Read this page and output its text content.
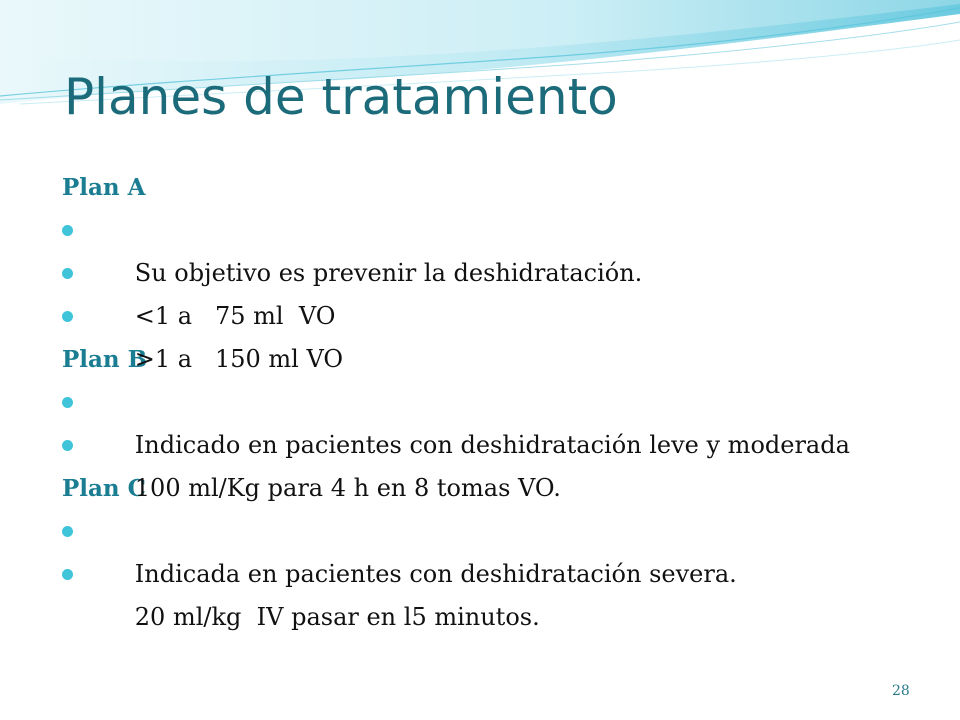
Planes de tratamiento
Plan A

Su objetivo es prevenir la deshidratación.

<1 a   75 ml  VO

>1 a   150 ml VO

Plan B

Indicado en pacientes con deshidratación leve y moderada

100 ml/Kg para 4 h en 8 tomas VO.

Plan C

Indicada en pacientes con deshidratación severa.

20 ml/kg  IV pasar en l5 minutos.

28
